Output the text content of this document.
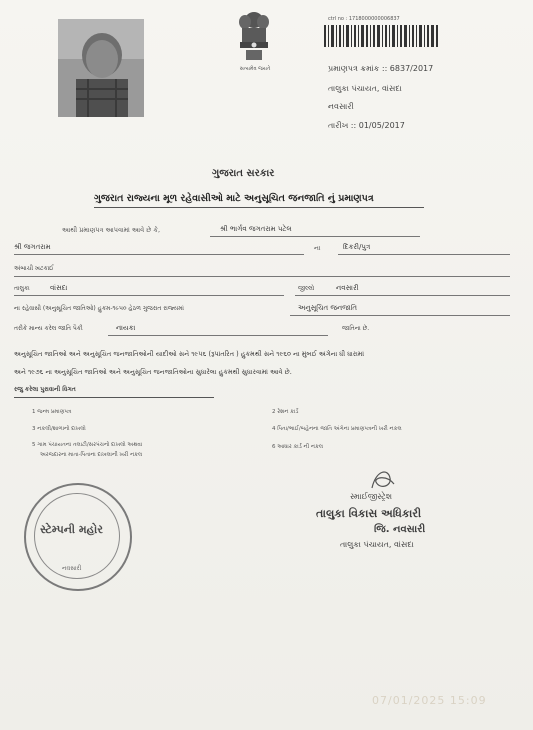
સત્યમેવ જયતે
ctrl no : 1718000000006837
પ્રમાણપત્ર ક્રમાંક :: 6837/2017
તાલુકા પંચાયત, વાંસદા
નવસારી
તારીખ :: 01/05/2017
ગુજરાત સરકાર
ગુજરાત રાજ્યના મૂળ રહેવાસીઓ માટે અનુસૂચિત જનજાતિ નું પ્રમાણપત્ર
આથી પ્રમાણપત્ર આપવામાં આવે છે કે,	શ્રી ભાર્ગવ જગતરામ પટેલ
શ્રી જગતરામ	ના	દિકરી/પુત્ર
અંબાચી ખટકાઈ
તાલુકા	વાંસદા	જીલ્લો	નવસારી
ના રહેવાસી (અનુસૂચિત જાતિઓ) હુકમ-૧૯૫૦ હેઠળ ગુજરાત રાજ્યમાં	અનુસૂચિત જનજાતિ
તરીકે માન્ય કરેલ જાતિ પૈકી	નાયકા	જાતિના છે.
અનુસૂચિત જાતિઓ અને અનુસૂચિત જનજાતિઓની યાદીઓ સને ૧૯૫૬ (રૂપાંતરિત ) હુકમથી સને ૧૯૬૦ ના મુંબઈ અંગેના ધી ધારામાં
અને ૧૯૭૬ ના અનુસૂચિત જાતિઓ અને અનુસૂચિત જનજાતિઓના સુધારેલા હુકમથી સુધારવામાં આવે છે.
રજુ કરેલા પુરાવાની વિગત
1 જન્મ પ્રમાણપત્ર	2 રેશન કાર્ડ
3 નકલી/શાળાનો દાખલો	4 પિતા/ભાઈ/બહેનના જાતિ અંગેના પ્રમાણપત્રની ખરી નકલ
5 ગામ પંચાયતના તલાટી/સરપંચનો દાખલો અથવા
અરજદારના માતા-પિતાના દાખલાની ખરી નકલ
6 આધાર કાર્ડ ની નકલ
સ્ટેમ્પની મહોર
નવસારી
સ્માઈજીસ્ટ્રેશ
તાલુકા વિકાસ અધિકારી
જિ. નવસારી
તાલુકા પંચાયત, વાંસદા
07/01/2025 15:09
